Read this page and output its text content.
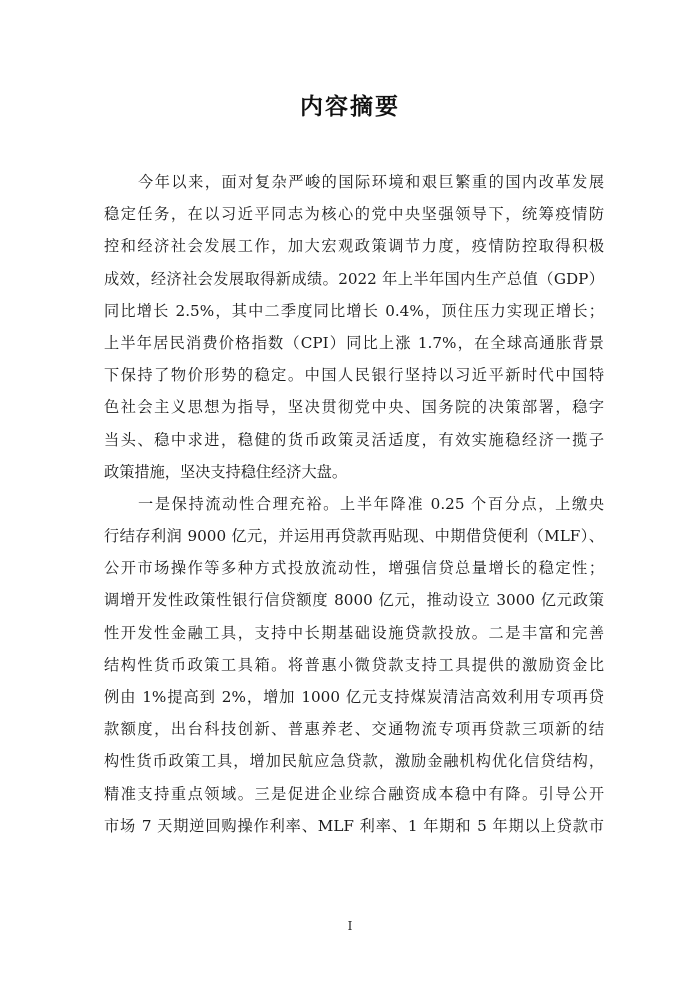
内容摘要
今年以来，面对复杂严峻的国际环境和艰巨繁重的国内改革发展
稳定任务，在以习近平同志为核心的党中央坚强领导下，统筹疫情防
控和经济社会发展工作，加大宏观政策调节力度，疫情防控取得积极
成效，经济社会发展取得新成绩。2022 年上半年国内生产总值（GDP）
同比增长 2.5%，其中二季度同比增长 0.4%，顶住压力实现正增长；
上半年居民消费价格指数（CPI）同比上涨 1.7%，在全球高通胀背景
下保持了物价形势的稳定。中国人民银行坚持以习近平新时代中国特
色社会主义思想为指导，坚决贯彻党中央、国务院的决策部署，稳字
当头、稳中求进，稳健的货币政策灵活适度，有效实施稳经济一揽子
政策措施，坚决支持稳住经济大盘。
一是保持流动性合理充裕。上半年降准 0.25 个百分点，上缴央
行结存利润 9000 亿元，并运用再贷款再贴现、中期借贷便利（MLF）、
公开市场操作等多种方式投放流动性，增强信贷总量增长的稳定性；
调增开发性政策性银行信贷额度 8000 亿元，推动设立 3000 亿元政策
性开发性金融工具，支持中长期基础设施贷款投放。二是丰富和完善
结构性货币政策工具箱。将普惠小微贷款支持工具提供的激励资金比
例由 1%提高到 2%，增加 1000 亿元支持煤炭清洁高效利用专项再贷
款额度，出台科技创新、普惠养老、交通物流专项再贷款三项新的结
构性货币政策工具，增加民航应急贷款，激励金融机构优化信贷结构，
精准支持重点领域。三是促进企业综合融资成本稳中有降。引导公开
市场 7 天期逆回购操作利率、MLF 利率、1 年期和 5 年期以上贷款市
I
